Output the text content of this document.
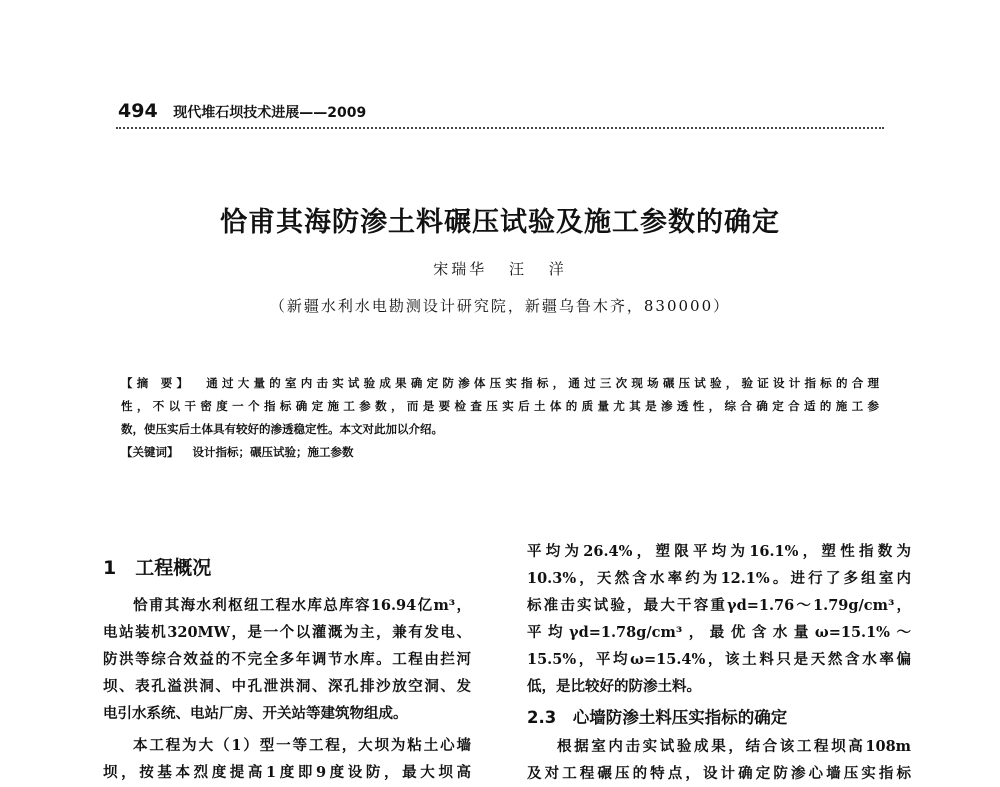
494 现代堆石坝技术进展——2009
恰甫其海防渗土料碾压试验及施工参数的确定
宋瑞华 汪 洋
（新疆水利水电勘测设计研究院，新疆乌鲁木齐，830000）
【摘 要】 通过大量的室内击实试验成果确定防渗体压实指标，通过三次现场碾压试验，验证设计指标的合理
性，不以干密度一个指标确定施工参数，而是要检查压实后土体的质量尤其是渗透性，综合确定合适的施工参
数，使压实后土体具有较好的渗透稳定性。本文对此加以介绍。
【关键词】 设计指标；碾压试验；施工参数
1　工程概况
恰甫其海水利枢纽工程水库总库容16.94亿m³，
电站装机320MW，是一个以灌溉为主，兼有发电、
防洪等综合效益的不完全多年调节水库。工程由拦河
坝、表孔溢洪洞、中孔泄洪洞、深孔排沙放空洞、发
电引水系统、电站厂房、开关站等建筑物组成。
本工程为大（1）型一等工程，大坝为粘土心墙
坝，按基本烈度提高1度即9度设防，最大坝高
平均为26.4%，塑限平均为16.1%，塑性指数为
10.3%，天然含水率约为12.1%。进行了多组室内
标准击实试验，最大干容重γd=1.76～1.79g/cm³，
平均γd=1.78g/cm³，最优含水量ω=15.1%～
15.5%，平均ω=15.4%，该土料只是天然含水率偏
低，是比较好的防渗土料。
2.3　心墙防渗土料压实指标的确定
根据室内击实试验成果，结合该工程坝高108m
及对工程碾压的特点，设计确定防渗心墙压实指标
